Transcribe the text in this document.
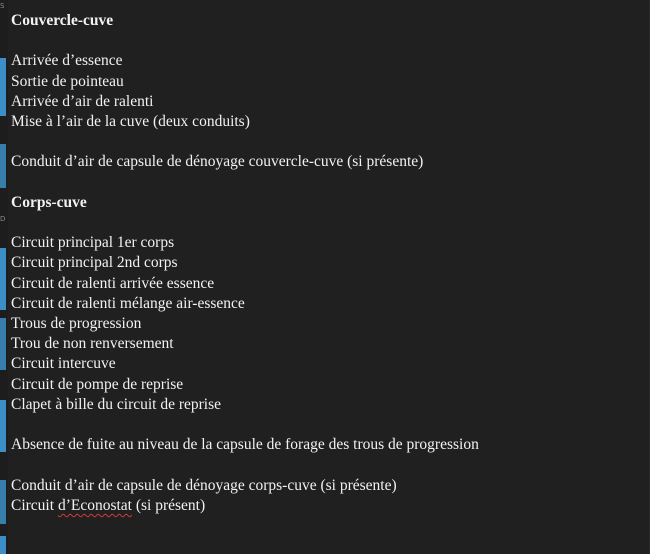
S
D
Couvercle-cuve
Arrivée d’essence
Sortie de pointeau
Arrivée d’air de ralenti
Mise à l’air de la cuve (deux conduits)
Conduit d’air de capsule de dénoyage couvercle-cuve (si présente)
Corps-cuve
Circuit principal 1er corps
Circuit principal 2nd corps
Circuit de ralenti arrivée essence
Circuit de ralenti mélange air-essence
Trous de progression
Trou de non renversement
Circuit intercuve
Circuit de pompe de reprise
Clapet à bille du circuit de reprise
Absence de fuite au niveau de la capsule de forage des trous de progression
Conduit d’air de capsule de dénoyage corps-cuve (si présente)
Circuit d’Econostat (si présent)
